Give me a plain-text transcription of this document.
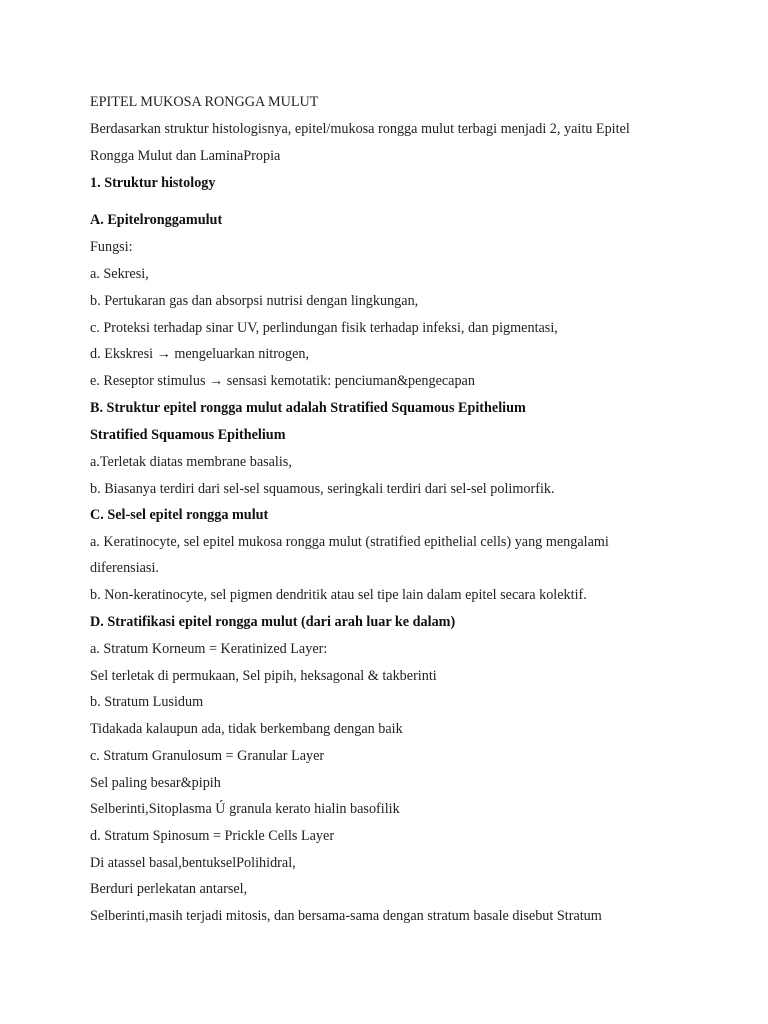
EPITEL MUKOSA RONGGA MULUT
Berdasarkan struktur histologisnya, epitel/mukosa rongga mulut terbagi menjadi 2, yaitu Epitel
Rongga Mulut dan LaminaPropia
1. Struktur histology
A. Epitelronggamulut
Fungsi:
a. Sekresi,
b. Pertukaran gas dan absorpsi nutrisi dengan lingkungan,
c. Proteksi terhadap sinar UV, perlindungan fisik terhadap infeksi, dan pigmentasi,
d. Ekskresi → mengeluarkan nitrogen,
e. Reseptor stimulus → sensasi kemotatik: penciuman&pengecapan
B. Struktur epitel rongga mulut adalah Stratified Squamous Epithelium
Stratified Squamous Epithelium
a.Terletak diatas membrane basalis,
b. Biasanya terdiri dari sel-sel squamous, seringkali terdiri dari sel-sel polimorfik.
C. Sel-sel epitel rongga mulut
a. Keratinocyte, sel epitel mukosa rongga mulut (stratified epithelial cells) yang mengalami
diferensiasi.
b. Non-keratinocyte, sel pigmen dendritik atau sel tipe lain dalam epitel secara kolektif.
D. Stratifikasi epitel rongga mulut (dari arah luar ke dalam)
a. Stratum Korneum = Keratinized Layer:
Sel terletak di permukaan, Sel pipih, heksagonal & takberinti
b. Stratum Lusidum
Tidakada kalaupun ada, tidak berkembang dengan baik
c. Stratum Granulosum = Granular Layer
Sel paling besar&pipih
Selberinti,Sitoplasma Ú granula kerato hialin basofilik
d. Stratum Spinosum = Prickle Cells Layer
Di atassel basal,bentukselPolihidral,
Berduri perlekatan antarsel,
Selberinti,masih terjadi mitosis, dan bersama-sama dengan stratum basale disebut Stratum
